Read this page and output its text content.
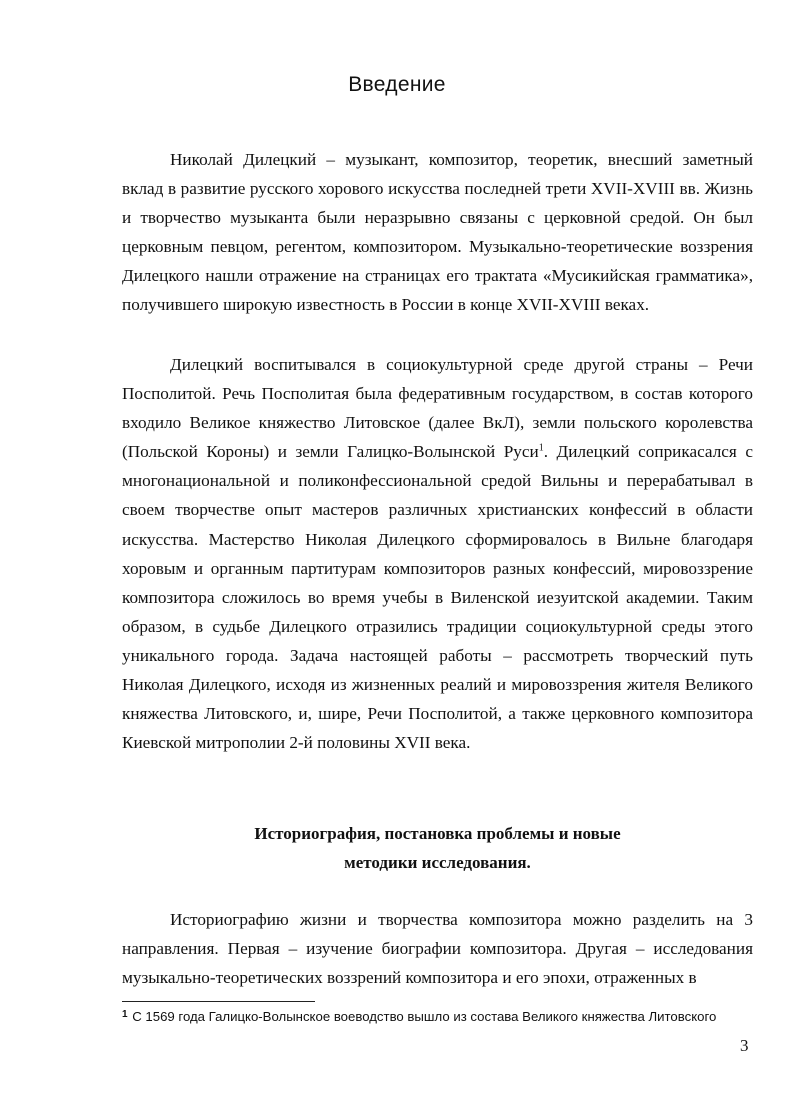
Введение

Николай Дилецкий – музыкант, композитор, теоретик, внесший заметный вклад в развитие русского хорового искусства последней трети XVII-XVIII вв. Жизнь и творчество музыканта были неразрывно связаны с церковной средой. Он был церковным певцом, регентом, композитором. Музыкально-теоретические воззрения Дилецкого нашли отражение на страницах его трактата «Мусикийская грамматика», получившего широкую известность в России в конце XVII-XVIII веках.

Дилецкий воспитывался в социокультурной среде другой страны – Речи Посполитой. Речь Посполитая была федеративным государством, в состав которого входило Великое княжество Литовское (далее ВкЛ), земли польского королевства (Польской Короны) и земли Галицко-Волынской Руси$^1$. Дилецкий соприкасался с многонациональной и поликонфессиональной средой Вильны и перерабатывал в своем творчестве опыт мастеров различных христианских конфессий в области искусства. Мастерство Николая Дилецкого сформировалось в Вильне благодаря хоровым и органным партитурам композиторов разных конфессий, мировоззрение композитора сложилось во время учебы в Виленской иезуитской академии. Таким образом, в судьбе Дилецкого отразились традиции социокультурной среды этого уникального города. Задача настоящей работы – рассмотреть творческий путь Николая Дилецкого, исходя из жизненных реалий и мировоззрения жителя Великого княжества Литовского, и, шире, Речи Посполитой, а также церковного композитора Киевской митрополии 2-й половины XVII века.

Историография, постановка проблемы и новые

методики исследования.

Историографию жизни и творчества композитора можно разделить на 3 направления. Первая – изучение биографии композитора. Другая – исследования музыкально-теоретических воззрений композитора и его эпохи, отраженных в

$^1$ С 1569 года Галицко-Волынское воеводство вышло из состава Великого княжества Литовского

3
